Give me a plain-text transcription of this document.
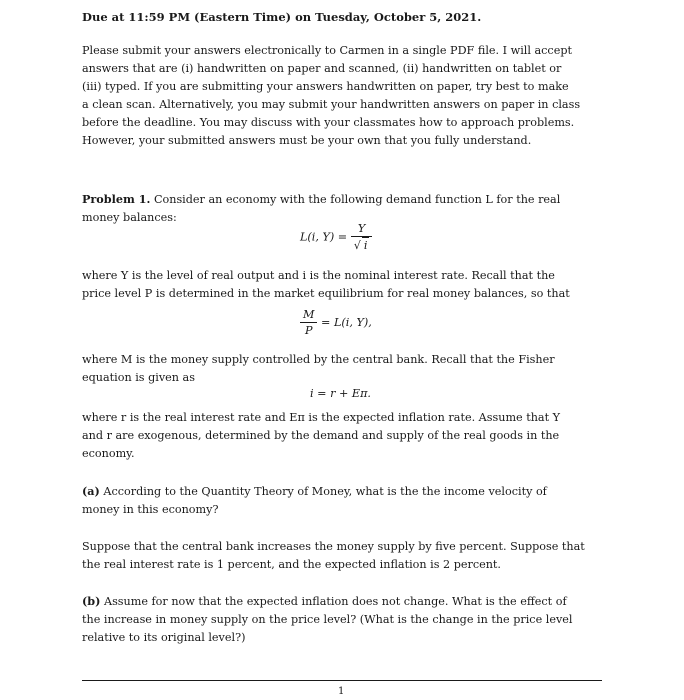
Due at 11:59 PM (Eastern Time) on Tuesday, October 5, 2021.
Please submit your answers electronically to Carmen in a single PDF file. I will accept
answers that are (i) handwritten on paper and scanned, (ii) handwritten on tablet or
(iii) typed. If you are submitting your answers handwritten on paper, try best to make
a clean scan. Alternatively, you may submit your handwritten answers on paper in class
before the deadline. You may discuss with your classmates how to approach problems.
However, your submitted answers must be your own that you fully understand.
Problem 1. Consider an economy with the following demand function L for the real
money balances:
L(i, $Y) = \frac{Y}{√ i}$
where Y is the level of real output and i is the nominal interest rate. Recall that the
price level P is determined in the market equilibrium for real money balances, so that
$\frac{M}{P} = L(i$, Y),
where M is the money supply controlled by the central bank. Recall that the Fisher
equation is given as
i = r + Eπ.
where r is the real interest rate and Eπ is the expected inflation rate. Assume that Y
and r are exogenous, determined by the demand and supply of the real goods in the
economy.
(a) According to the Quantity Theory of Money, what is the the income velocity of
money in this economy?
Suppose that the central bank increases the money supply by five percent. Suppose that
the real interest rate is 1 percent, and the expected inflation is 2 percent.
(b) Assume for now that the expected inflation does not change. What is the effect of
the increase in money supply on the price level? (What is the change in the price level
relative to its original level?)
1
